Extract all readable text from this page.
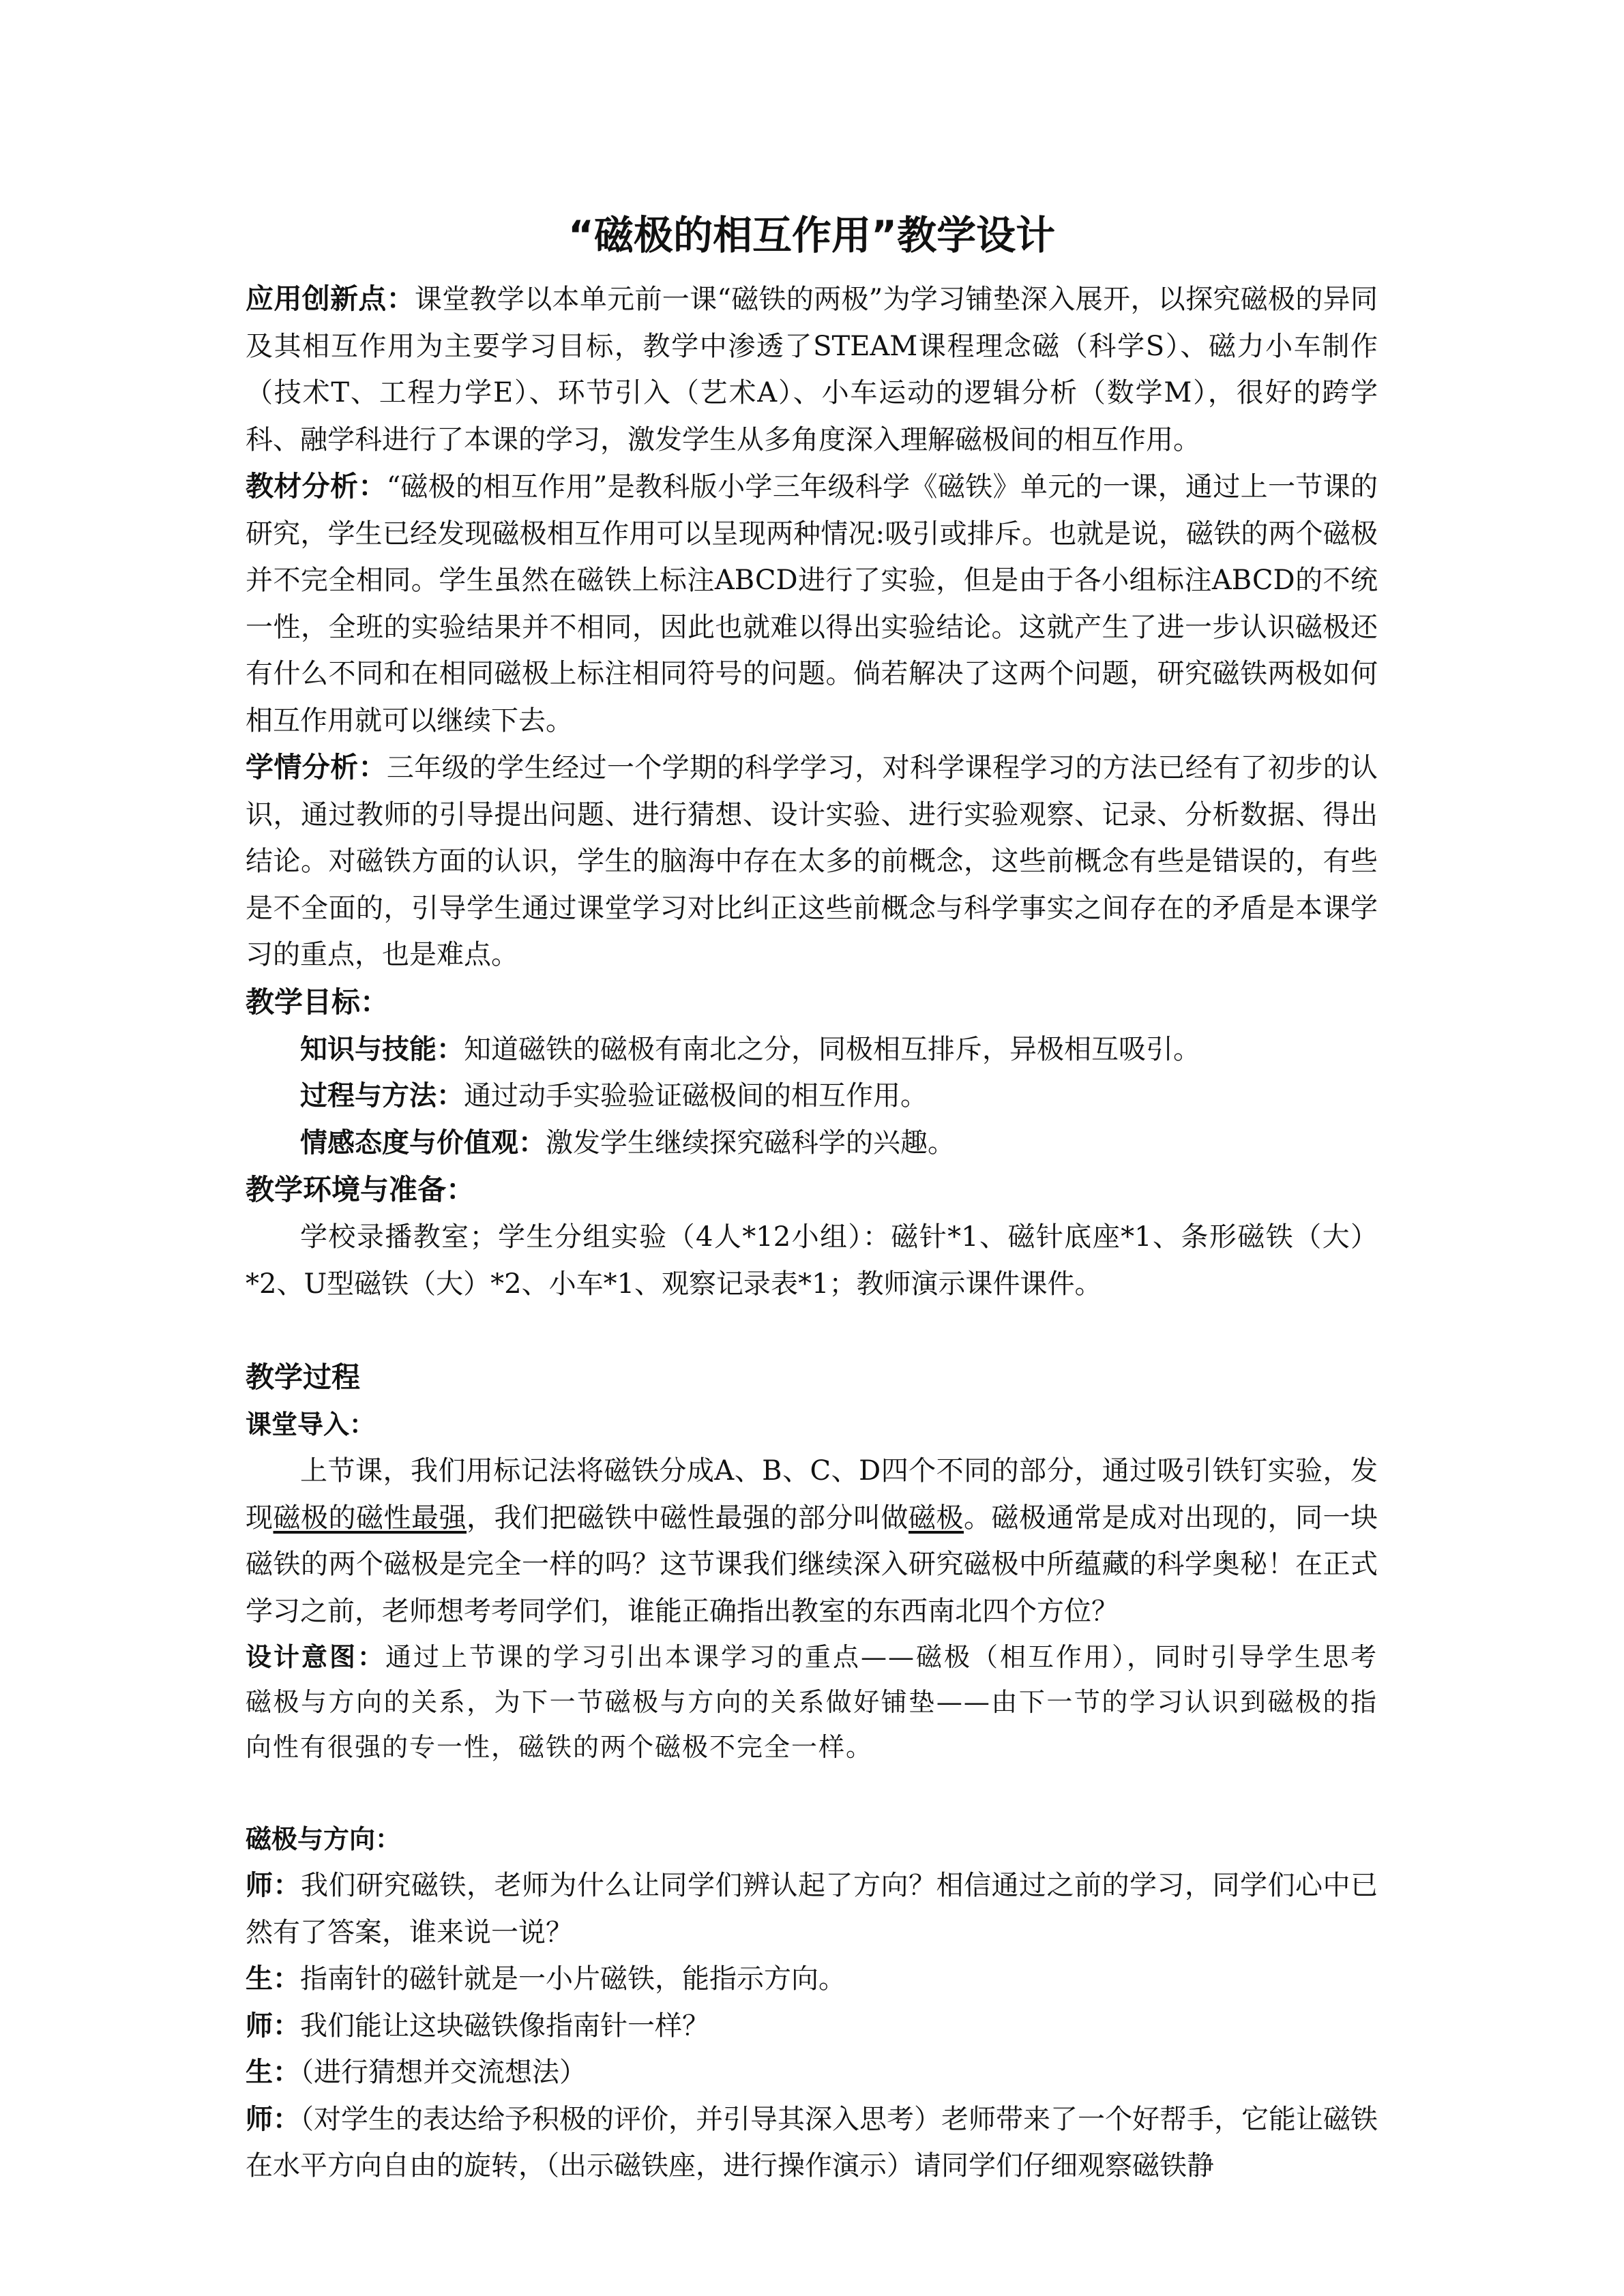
“磁极的相互作用”教学设计

应用创新点：课堂教学以本单元前一课“磁铁的两极”为学习铺垫深入展开，以探究磁极的异同及其相互作用为主要学习目标，教学中渗透了STEAM课程理念磁（科学S）、磁力小车制作（技术T、工程力学E）、环节引入（艺术A）、小车运动的逻辑分析（数学M），很好的跨学科、融学科进行了本课的学习，激发学生从多角度深入理解磁极间的相互作用。

教材分析：“磁极的相互作用”是教科版小学三年级科学《磁铁》单元的一课，通过上一节课的研究，学生已经发现磁极相互作用可以呈现两种情况:吸引或排斥。也就是说，磁铁的两个磁极并不完全相同。学生虽然在磁铁上标注ABCD进行了实验，但是由于各小组标注ABCD的不统一性，全班的实验结果并不相同，因此也就难以得出实验结论。这就产生了进一步认识磁极还有什么不同和在相同磁极上标注相同符号的问题。倘若解决了这两个问题，研究磁铁两极如何相互作用就可以继续下去。

学情分析：三年级的学生经过一个学期的科学学习，对科学课程学习的方法已经有了初步的认识，通过教师的引导提出问题、进行猜想、设计实验、进行实验观察、记录、分析数据、得出结论。对磁铁方面的认识，学生的脑海中存在太多的前概念，这些前概念有些是错误的，有些是不全面的，引导学生通过课堂学习对比纠正这些前概念与科学事实之间存在的矛盾是本课学习的重点，也是难点。

教学目标：

知识与技能：知道磁铁的磁极有南北之分，同极相互排斥，异极相互吸引。

过程与方法：通过动手实验验证磁极间的相互作用。

情感态度与价值观：激发学生继续探究磁科学的兴趣。

教学环境与准备：

学校录播教室；学生分组实验（4人*12小组）：磁针*1、磁针底座*1、条形磁铁（大）*2、U型磁铁（大）*2、小车*1、观察记录表*1；教师演示课件课件。

教学过程
课堂导入：

上节课，我们用标记法将磁铁分成A、B、C、D四个不同的部分，通过吸引铁钉实验，发现磁极的磁性最强，我们把磁铁中磁性最强的部分叫做磁极。磁极通常是成对出现的，同一块磁铁的两个磁极是完全一样的吗？这节课我们继续深入研究磁极中所蕴藏的科学奥秘！在正式学习之前，老师想考考同学们，谁能正确指出教室的东西南北四个方位？

设计意图：通过上节课的学习引出本课学习的重点——磁极（相互作用），同时引导学生思考磁极与方向的关系，为下一节磁极与方向的关系做好铺垫——由下一节的学习认识到磁极的指向性有很强的专一性，磁铁的两个磁极不完全一样。

磁极与方向：

师：我们研究磁铁，老师为什么让同学们辨认起了方向？相信通过之前的学习，同学们心中已然有了答案，谁来说一说？

生：指南针的磁针就是一小片磁铁，能指示方向。

师：我们能让这块磁铁像指南针一样？

生：（进行猜想并交流想法）

师：（对学生的表达给予积极的评价，并引导其深入思考）老师带来了一个好帮手，它能让磁铁在水平方向自由的旋转，（出示磁铁座，进行操作演示）请同学们仔细观察磁铁静
